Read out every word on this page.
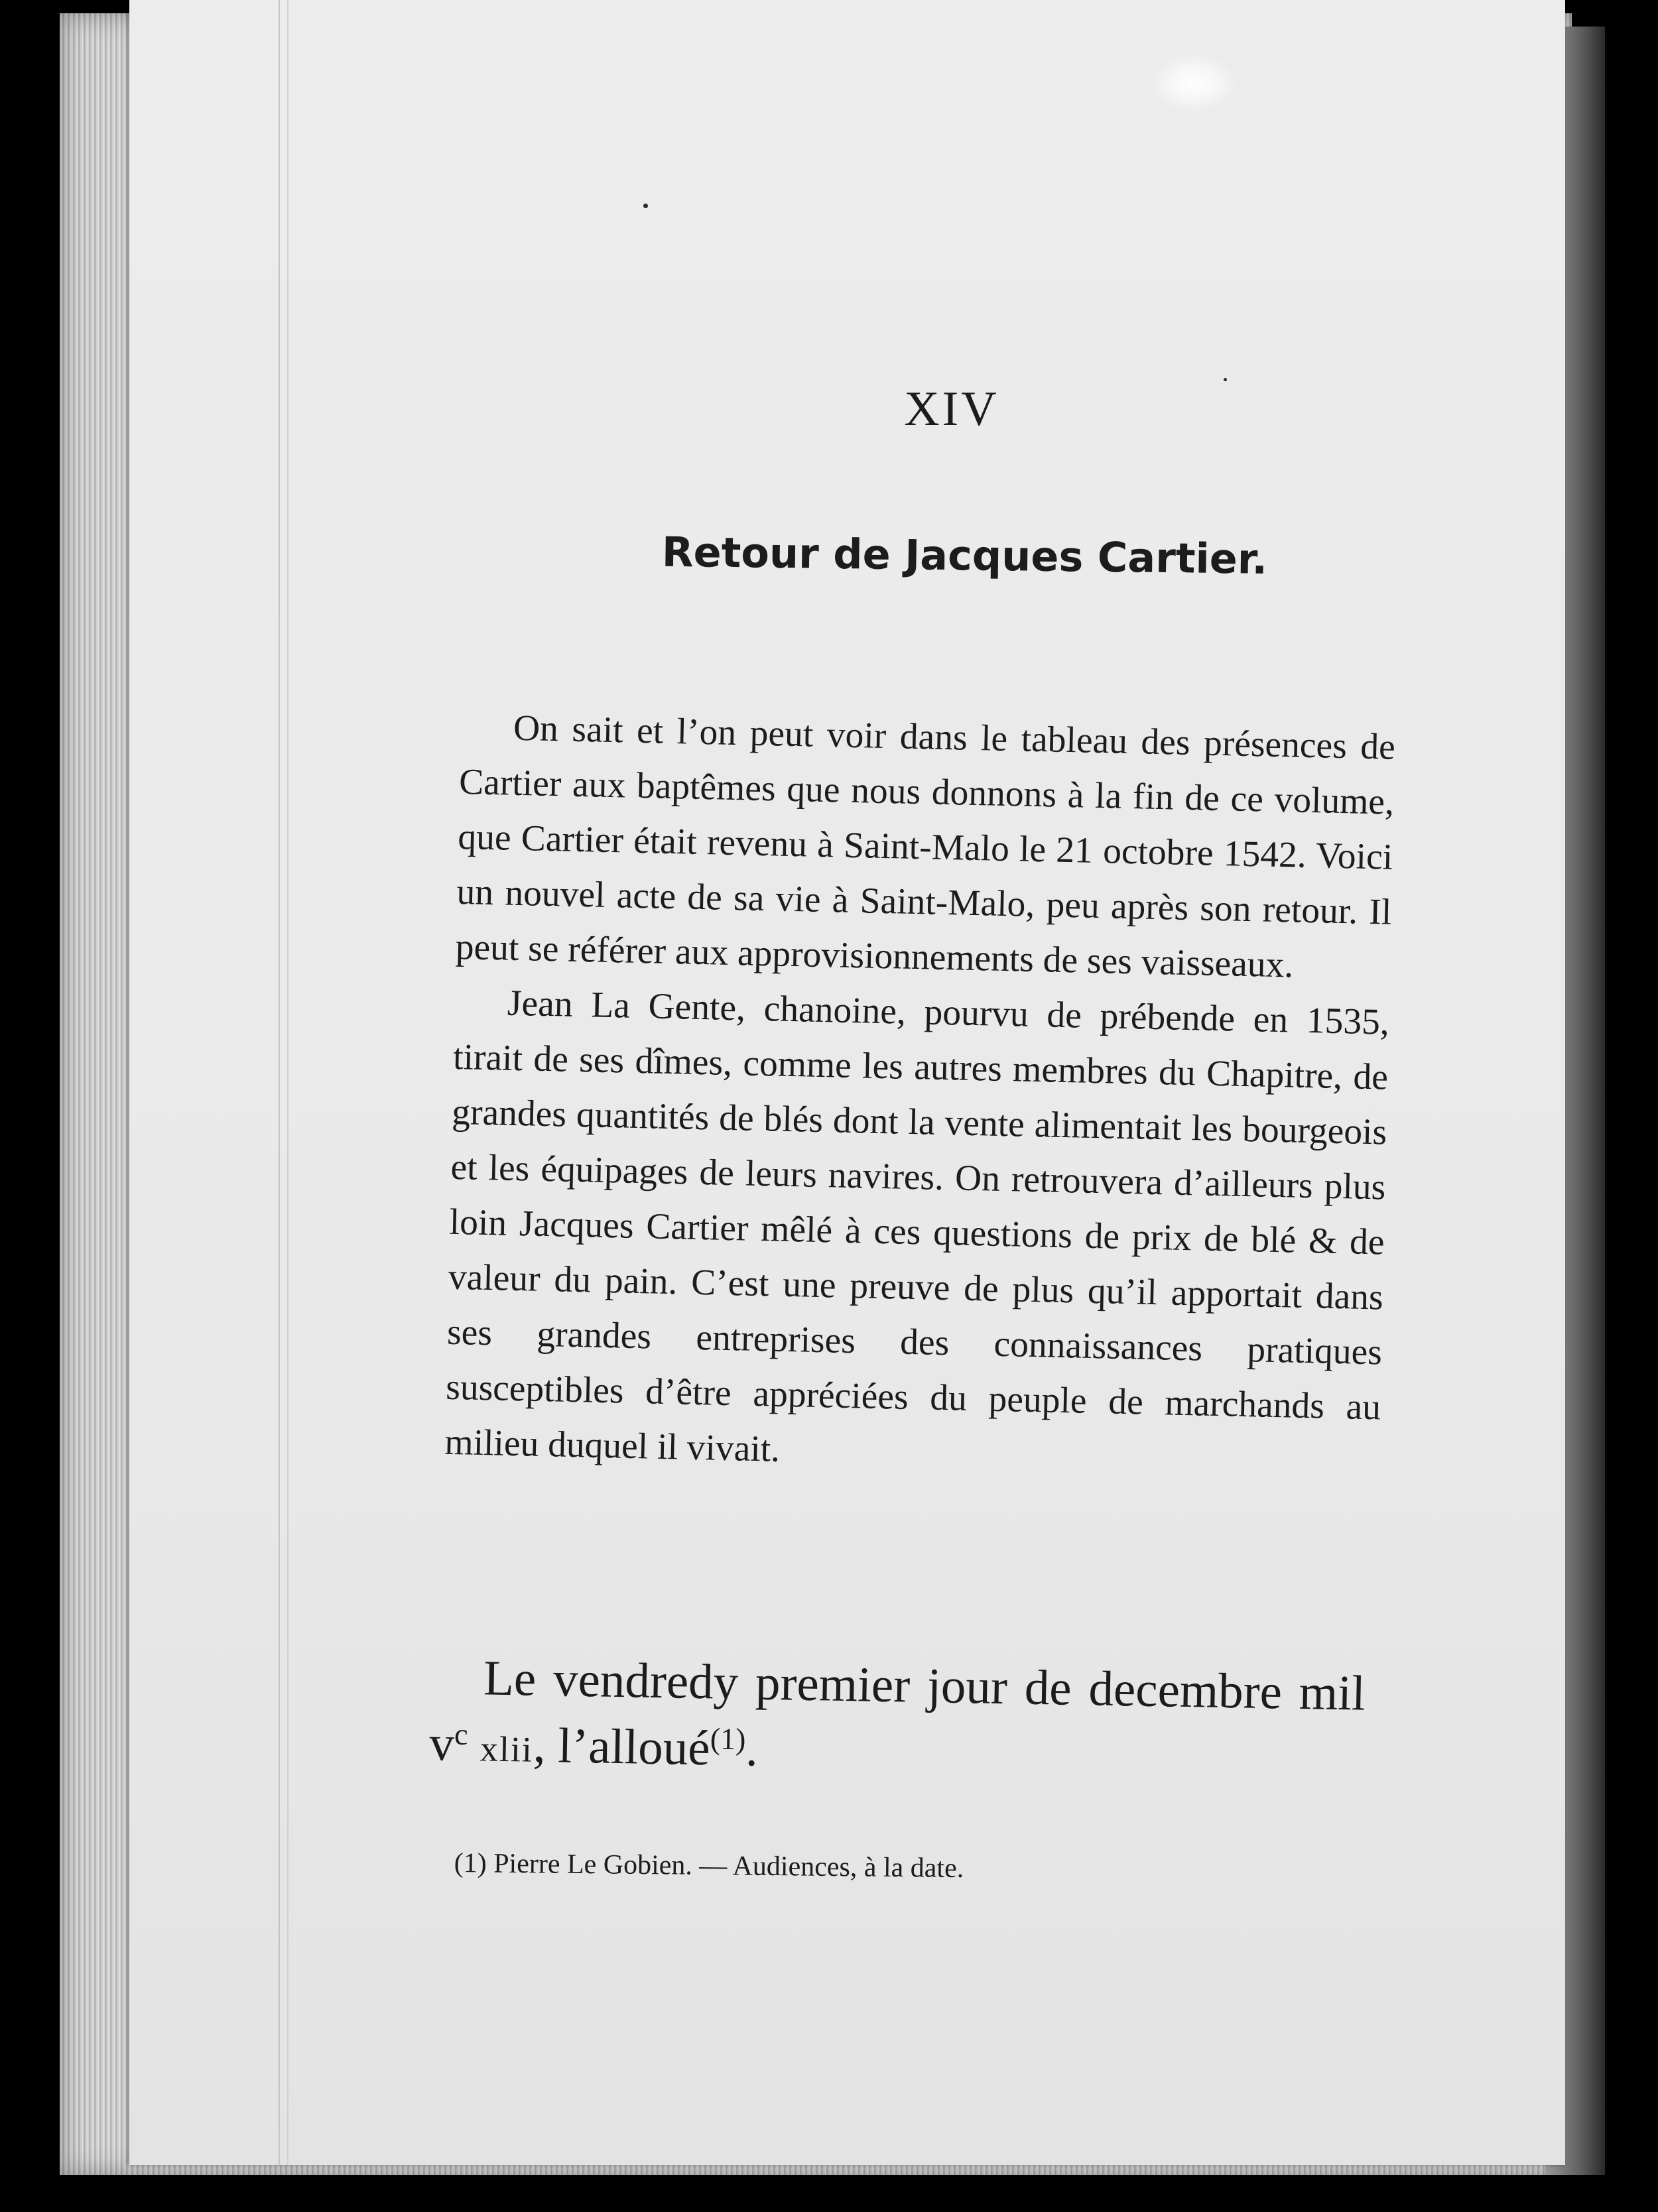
XIV
Retour de Jacques Cartier.

On sait et l’on peut voir dans le tableau des présences de Cartier aux baptêmes que nous donnons à la fin de ce volume, que Cartier était revenu à Saint-Malo le 21 octobre 1542. Voici un nouvel acte de sa vie à Saint-Malo, peu après son retour. Il peut se référer aux approvisionnements de ses vaisseaux.

Jean La Gente, chanoine, pourvu de prébende en 1535, tirait de ses dîmes, comme les autres membres du Chapitre, de grandes quantités de blés dont la vente alimentait les bourgeois et les équipages de leurs navires. On retrouvera d’ailleurs plus loin Jacques Cartier mêlé à ces questions de prix de blé & de valeur du pain. C’est une preuve de plus qu’il apportait dans ses grandes entreprises des connaissances pratiques susceptibles d’être appréciées du peuple de marchands au milieu duquel il vivait.

Le vendredy premier jour de decembre mil $v^c$ xlii, l’alloué$^{(1)}$.
(1) Pierre Le Gobien. — Audiences, à la date.
